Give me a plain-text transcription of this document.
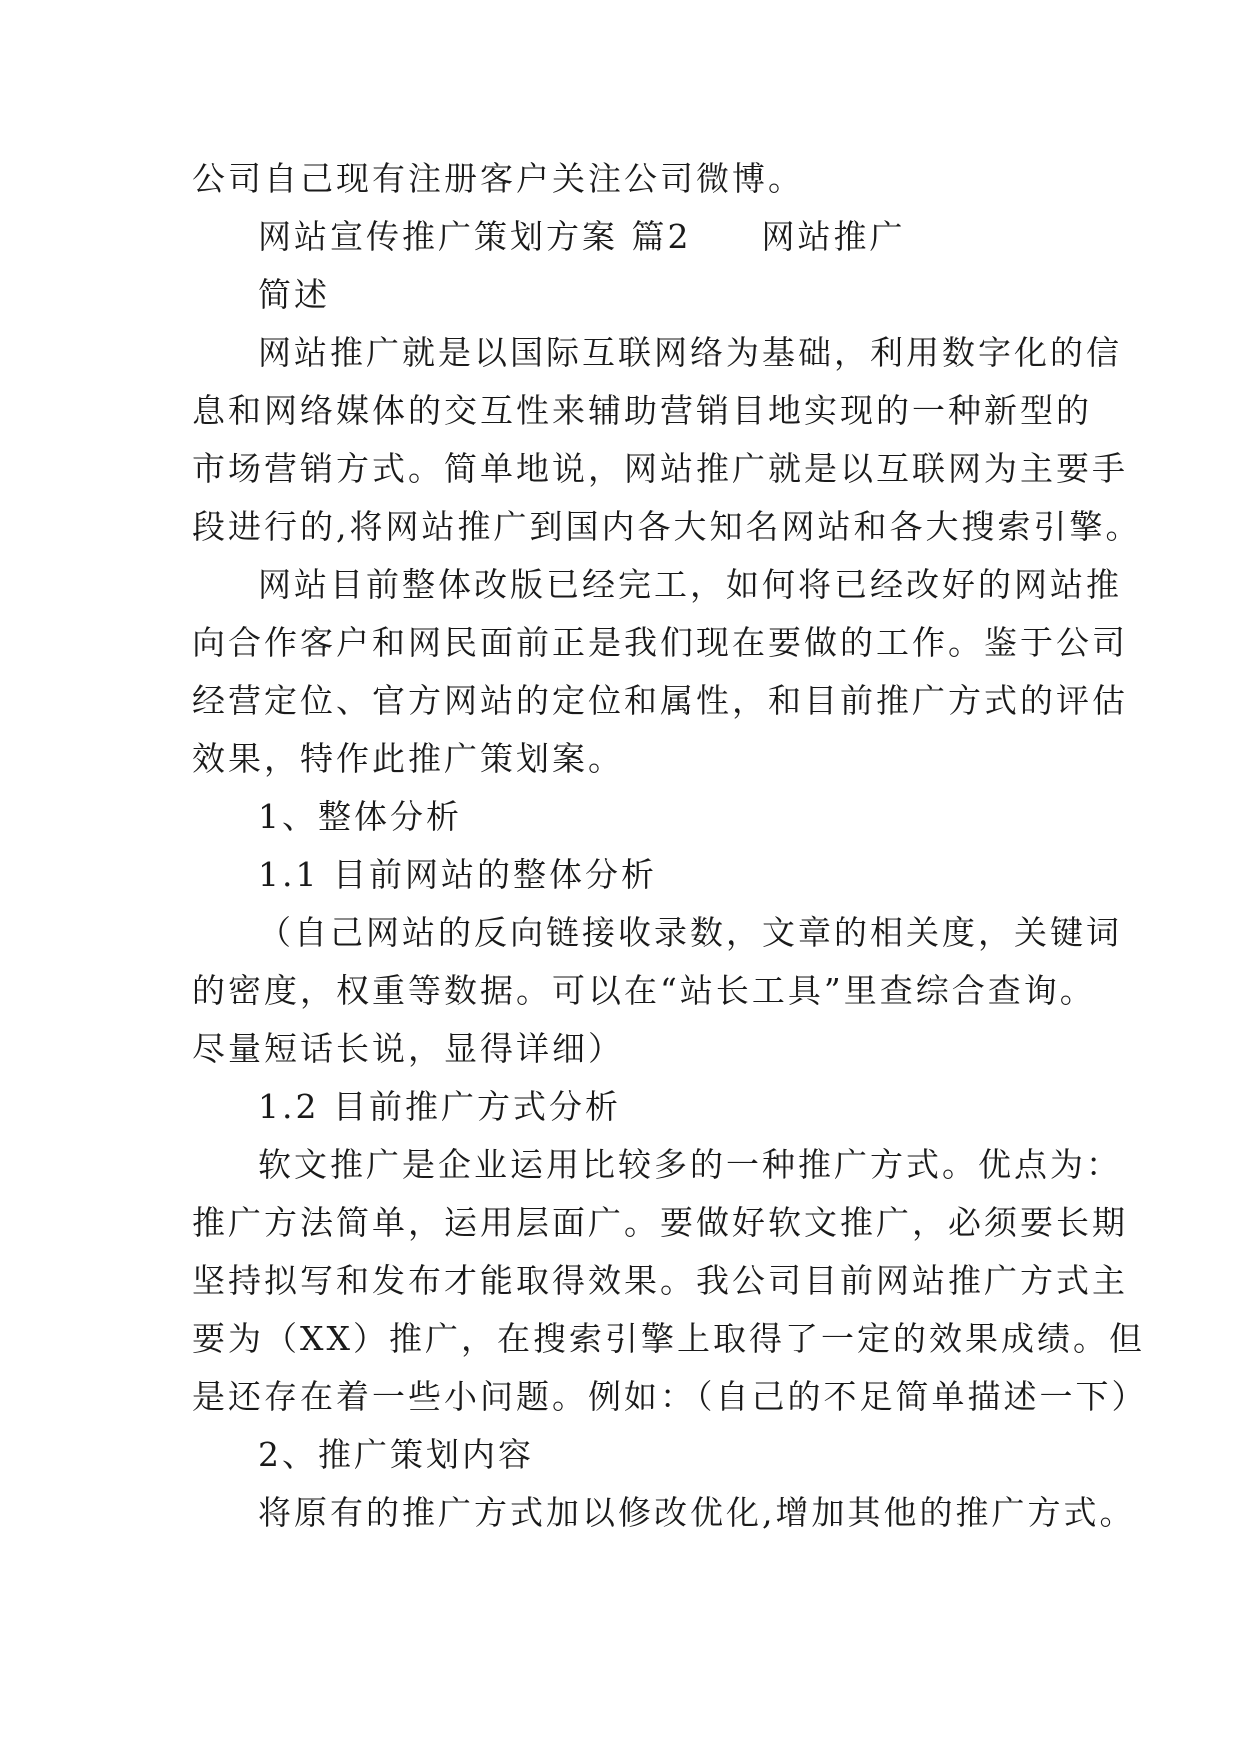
公司自己现有注册客户关注公司微博。
网站宣传推广策划方案 篇2 网站推广
简述
网站推广就是以国际互联网络为基础，利用数字化的信
息和网络媒体的交互性来辅助营销目地实现的一种新型的
市场营销方式。简单地说，网站推广就是以互联网为主要手
段进行的,将网站推广到国内各大知名网站和各大搜索引擎。
网站目前整体改版已经完工，如何将已经改好的网站推
向合作客户和网民面前正是我们现在要做的工作。鉴于公司
经营定位、官方网站的定位和属性，和目前推广方式的评估
效果，特作此推广策划案。
1、整体分析
1.1 目前网站的整体分析
（自己网站的反向链接收录数，文章的相关度，关键词
的密度，权重等数据。可以在“站长工具”里查综合查询。
尽量短话长说，显得详细）
1.2 目前推广方式分析
软文推广是企业运用比较多的一种推广方式。优点为：
推广方法简单，运用层面广。要做好软文推广，必须要长期
坚持拟写和发布才能取得效果。我公司目前网站推广方式主
要为（XX）推广，在搜索引擎上取得了一定的效果成绩。但
是还存在着一些小问题。例如：（自己的不足简单描述一下）
2、推广策划内容
将原有的推广方式加以修改优化,增加其他的推广方式。
